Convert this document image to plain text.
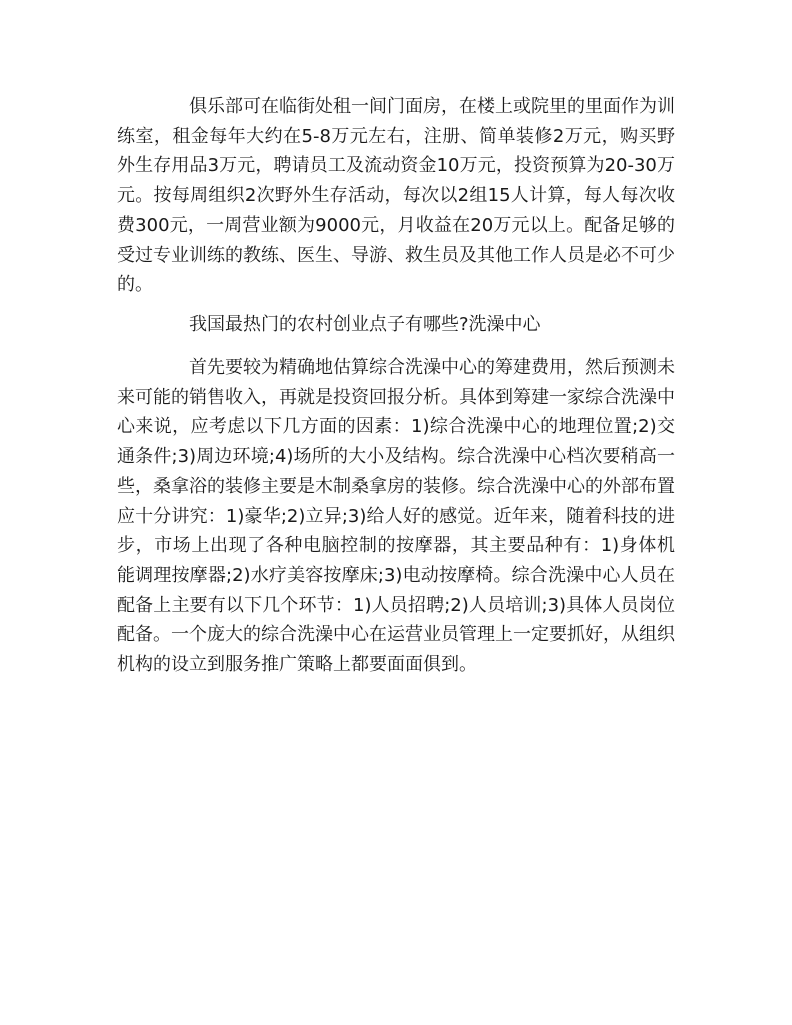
俱乐部可在临街处租一间门面房，在楼上或院里的里面作为训练室，租金每年大约在5-8万元左右，注册、简单装修2万元，购买野外生存用品3万元，聘请员工及流动资金10万元，投资预算为20-30万元。按每周组织2次野外生存活动，每次以2组15人计算，每人每次收费300元，一周营业额为9000元，月收益在20万元以上。配备足够的受过专业训练的教练、医生、导游、救生员及其他工作人员是必不可少的。

我国最热门的农村创业点子有哪些?洗澡中心

首先要较为精确地估算综合洗澡中心的筹建费用，然后预测未来可能的销售收入，再就是投资回报分析。具体到筹建一家综合洗澡中心来说，应考虑以下几方面的因素：1)综合洗澡中心的地理位置;2)交通条件;3)周边环境;4)场所的大小及结构。综合洗澡中心档次要稍高一些，桑拿浴的装修主要是木制桑拿房的装修。综合洗澡中心的外部布置应十分讲究：1)豪华;2)立异;3)给人好的感觉。近年来，随着科技的进步，市场上出现了各种电脑控制的按摩器，其主要品种有：1)身体机能调理按摩器;2)水疗美容按摩床;3)电动按摩椅。综合洗澡中心人员在配备上主要有以下几个环节：1)人员招聘;2)人员培训;3)具体人员岗位配备。一个庞大的综合洗澡中心在运营业员管理上一定要抓好，从组织机构的设立到服务推广策略上都要面面俱到。
